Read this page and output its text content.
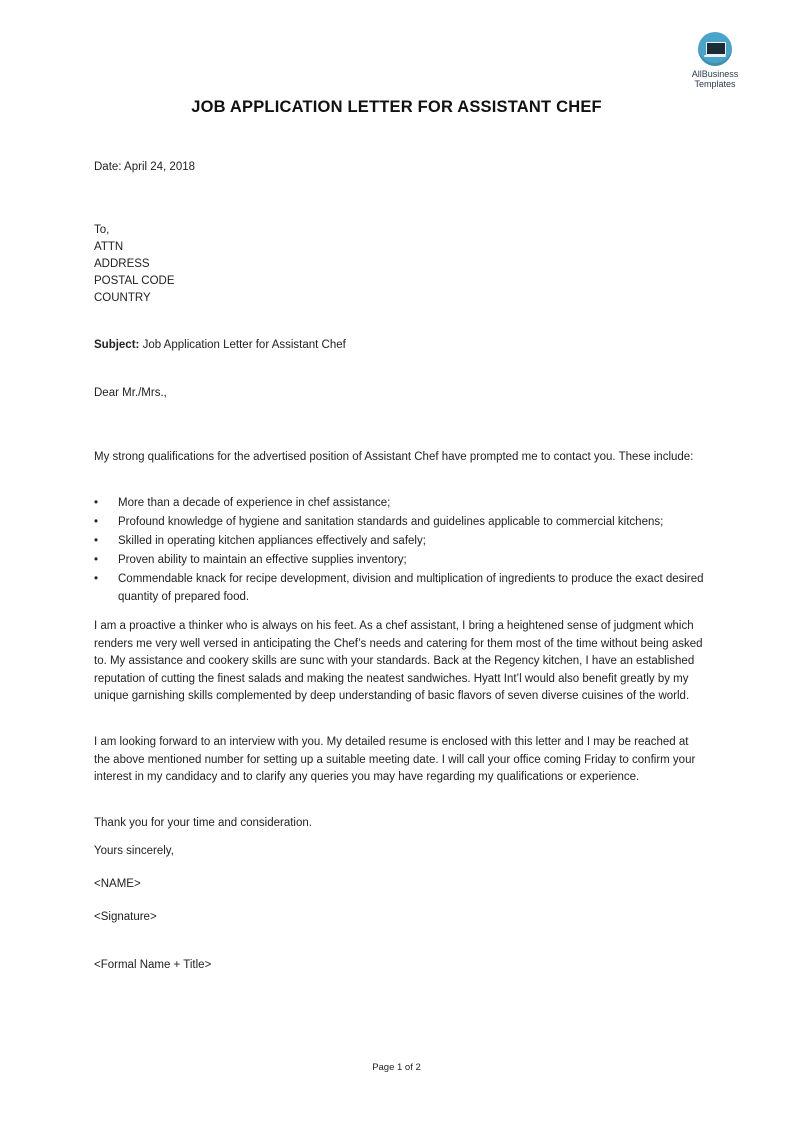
AllBusiness
Templates
JOB APPLICATION LETTER FOR ASSISTANT CHEF
Date: April 24, 2018
To,
ATTN
ADDRESS
POSTAL CODE
COUNTRY
Subject: Job Application Letter for Assistant Chef
Dear Mr./Mrs.,
My strong qualifications for the advertised position of Assistant Chef have prompted me to contact you. These include:
• More than a decade of experience in chef assistance;
• Profound knowledge of hygiene and sanitation standards and guidelines applicable to commercial kitchens;
• Skilled in operating kitchen appliances effectively and safely;
• Proven ability to maintain an effective supplies inventory;
• Commendable knack for recipe development, division and multiplication of ingredients to produce the exact desired quantity of prepared food.
I am a proactive a thinker who is always on his feet. As a chef assistant, I bring a heightened sense of judgment which renders me very well versed in anticipating the Chef’s needs and catering for them most of the time without being asked to. My assistance and cookery skills are sunc with your standards. Back at the Regency kitchen, I have an established reputation of cutting the finest salads and making the neatest sandwiches. Hyatt Int’l would also benefit greatly by my unique garnishing skills complemented by deep understanding of basic flavors of seven diverse cuisines of the world.
I am looking forward to an interview with you. My detailed resume is enclosed with this letter and I may be reached at the above mentioned number for setting up a suitable meeting date. I will call your office coming Friday to confirm your interest in my candidacy and to clarify any queries you may have regarding my qualifications or experience.
Thank you for your time and consideration.
Yours sincerely,
<NAME>
<Signature>
<Formal Name + Title>
Page 1 of 2
